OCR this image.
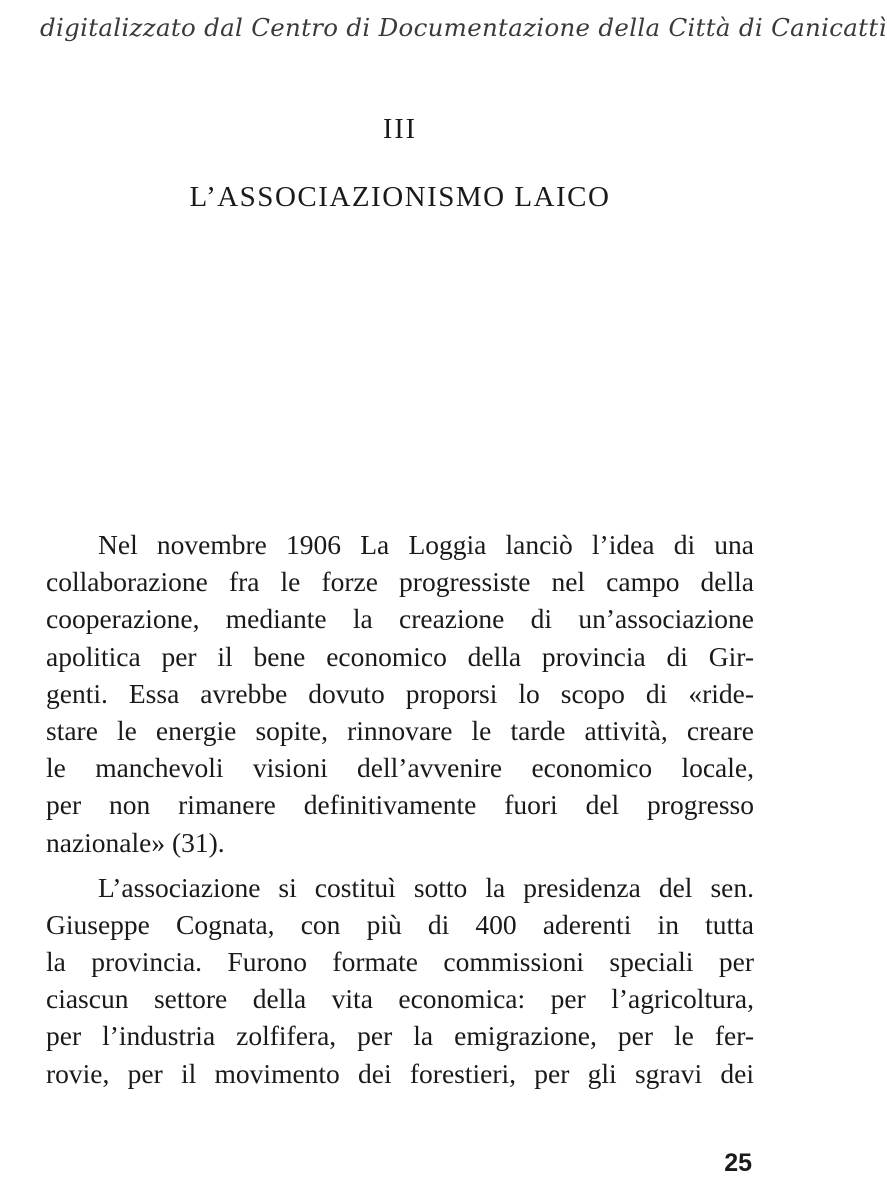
digitalizzato dal Centro di Documentazione della Città di Canicattì
III
L’ASSOCIAZIONISMO LAICO
Nel novembre 1906 La Loggia lanciò l’idea di una
collaborazione fra le forze progressiste nel campo della
cooperazione, mediante la creazione di un’associazione
apolitica per il bene economico della provincia di Gir-
genti. Essa avrebbe dovuto proporsi lo scopo di «ride-
stare le energie sopite, rinnovare le tarde attività, creare
le manchevoli visioni dell’avvenire economico locale,
per non rimanere definitivamente fuori del progresso
nazionale» (31).
L’associazione si costituì sotto la presidenza del sen.
Giuseppe Cognata, con più di 400 aderenti in tutta
la provincia. Furono formate commissioni speciali per
ciascun settore della vita economica: per l’agricoltura,
per l’industria zolfifera, per la emigrazione, per le fer-
rovie, per il movimento dei forestieri, per gli sgravi dei
25
